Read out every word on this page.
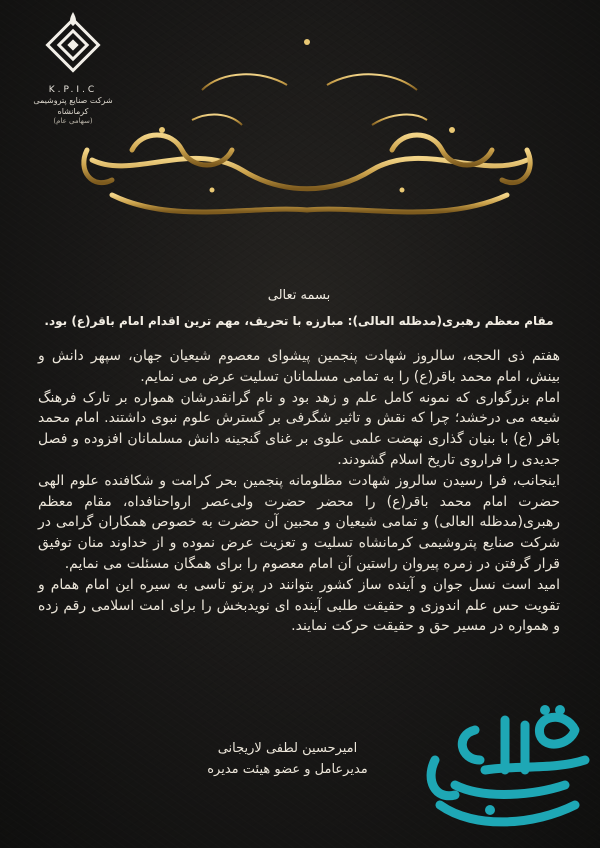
K.P.I.C
شرکت صنایع پتروشیمی کرمانشاه
(سهامی عام)

بسمه تعالی

مقام معظم رهبری(مدظله العالی): مبارزه با تحریف، مهم ترین اقدام امام باقر(ع) بود.

هفتم ذی الحجه، سالروز شهادت پنجمین پیشوای معصوم شیعیان جهان، سپهر دانش و بینش، امام محمد باقر(ع) را به تمامی مسلمانان تسلیت عرض می نمایم.

امام بزرگواری که نمونه کامل علم و زهد بود و نام گرانقدرشان همواره بر تارک فرهنگ شیعه می درخشد؛ چرا که نقش و تاثیر شگرفی بر گسترش علوم نبوی داشتند. امام محمد باقر (ع) با بنیان گذاری نهضت علمی علوی بر غنای گنجینه دانش مسلمانان افزوده و فصل جدیدی را فراروی تاریخ اسلام گشودند.

اینجانب، فرا رسیدن سالروز شهادت مظلومانه پنجمین بحر کرامت و شکافنده علوم الهی حضرت امام محمد باقر(ع) را محضر حضرت ولی‌عصر ارواحنافداه، مقام معظم رهبری(مدظله العالی) و تمامی شیعیان و محبین آن حضرت به خصوص همکاران گرامی در شرکت صنایع پتروشیمی کرمانشاه تسلیت و تعزیت عرض نموده و از خداوند منان توفیق قرار گرفتن در زمره پیروان راستین آن امام معصوم را برای همگان مسئلت می نمایم.

امید است نسل جوان و آینده ساز کشور بتوانند در پرتو تاسی به سیره این امام همام و تقویت حس علم اندوزی و حقیقت طلبی آینده ای نویدبخش را برای امت اسلامی رقم زده و همواره در مسیر حق و حقیقت حرکت نمایند.

امیرحسین لطفی لاریجانی
مدیرعامل و عضو هیئت مدیره
